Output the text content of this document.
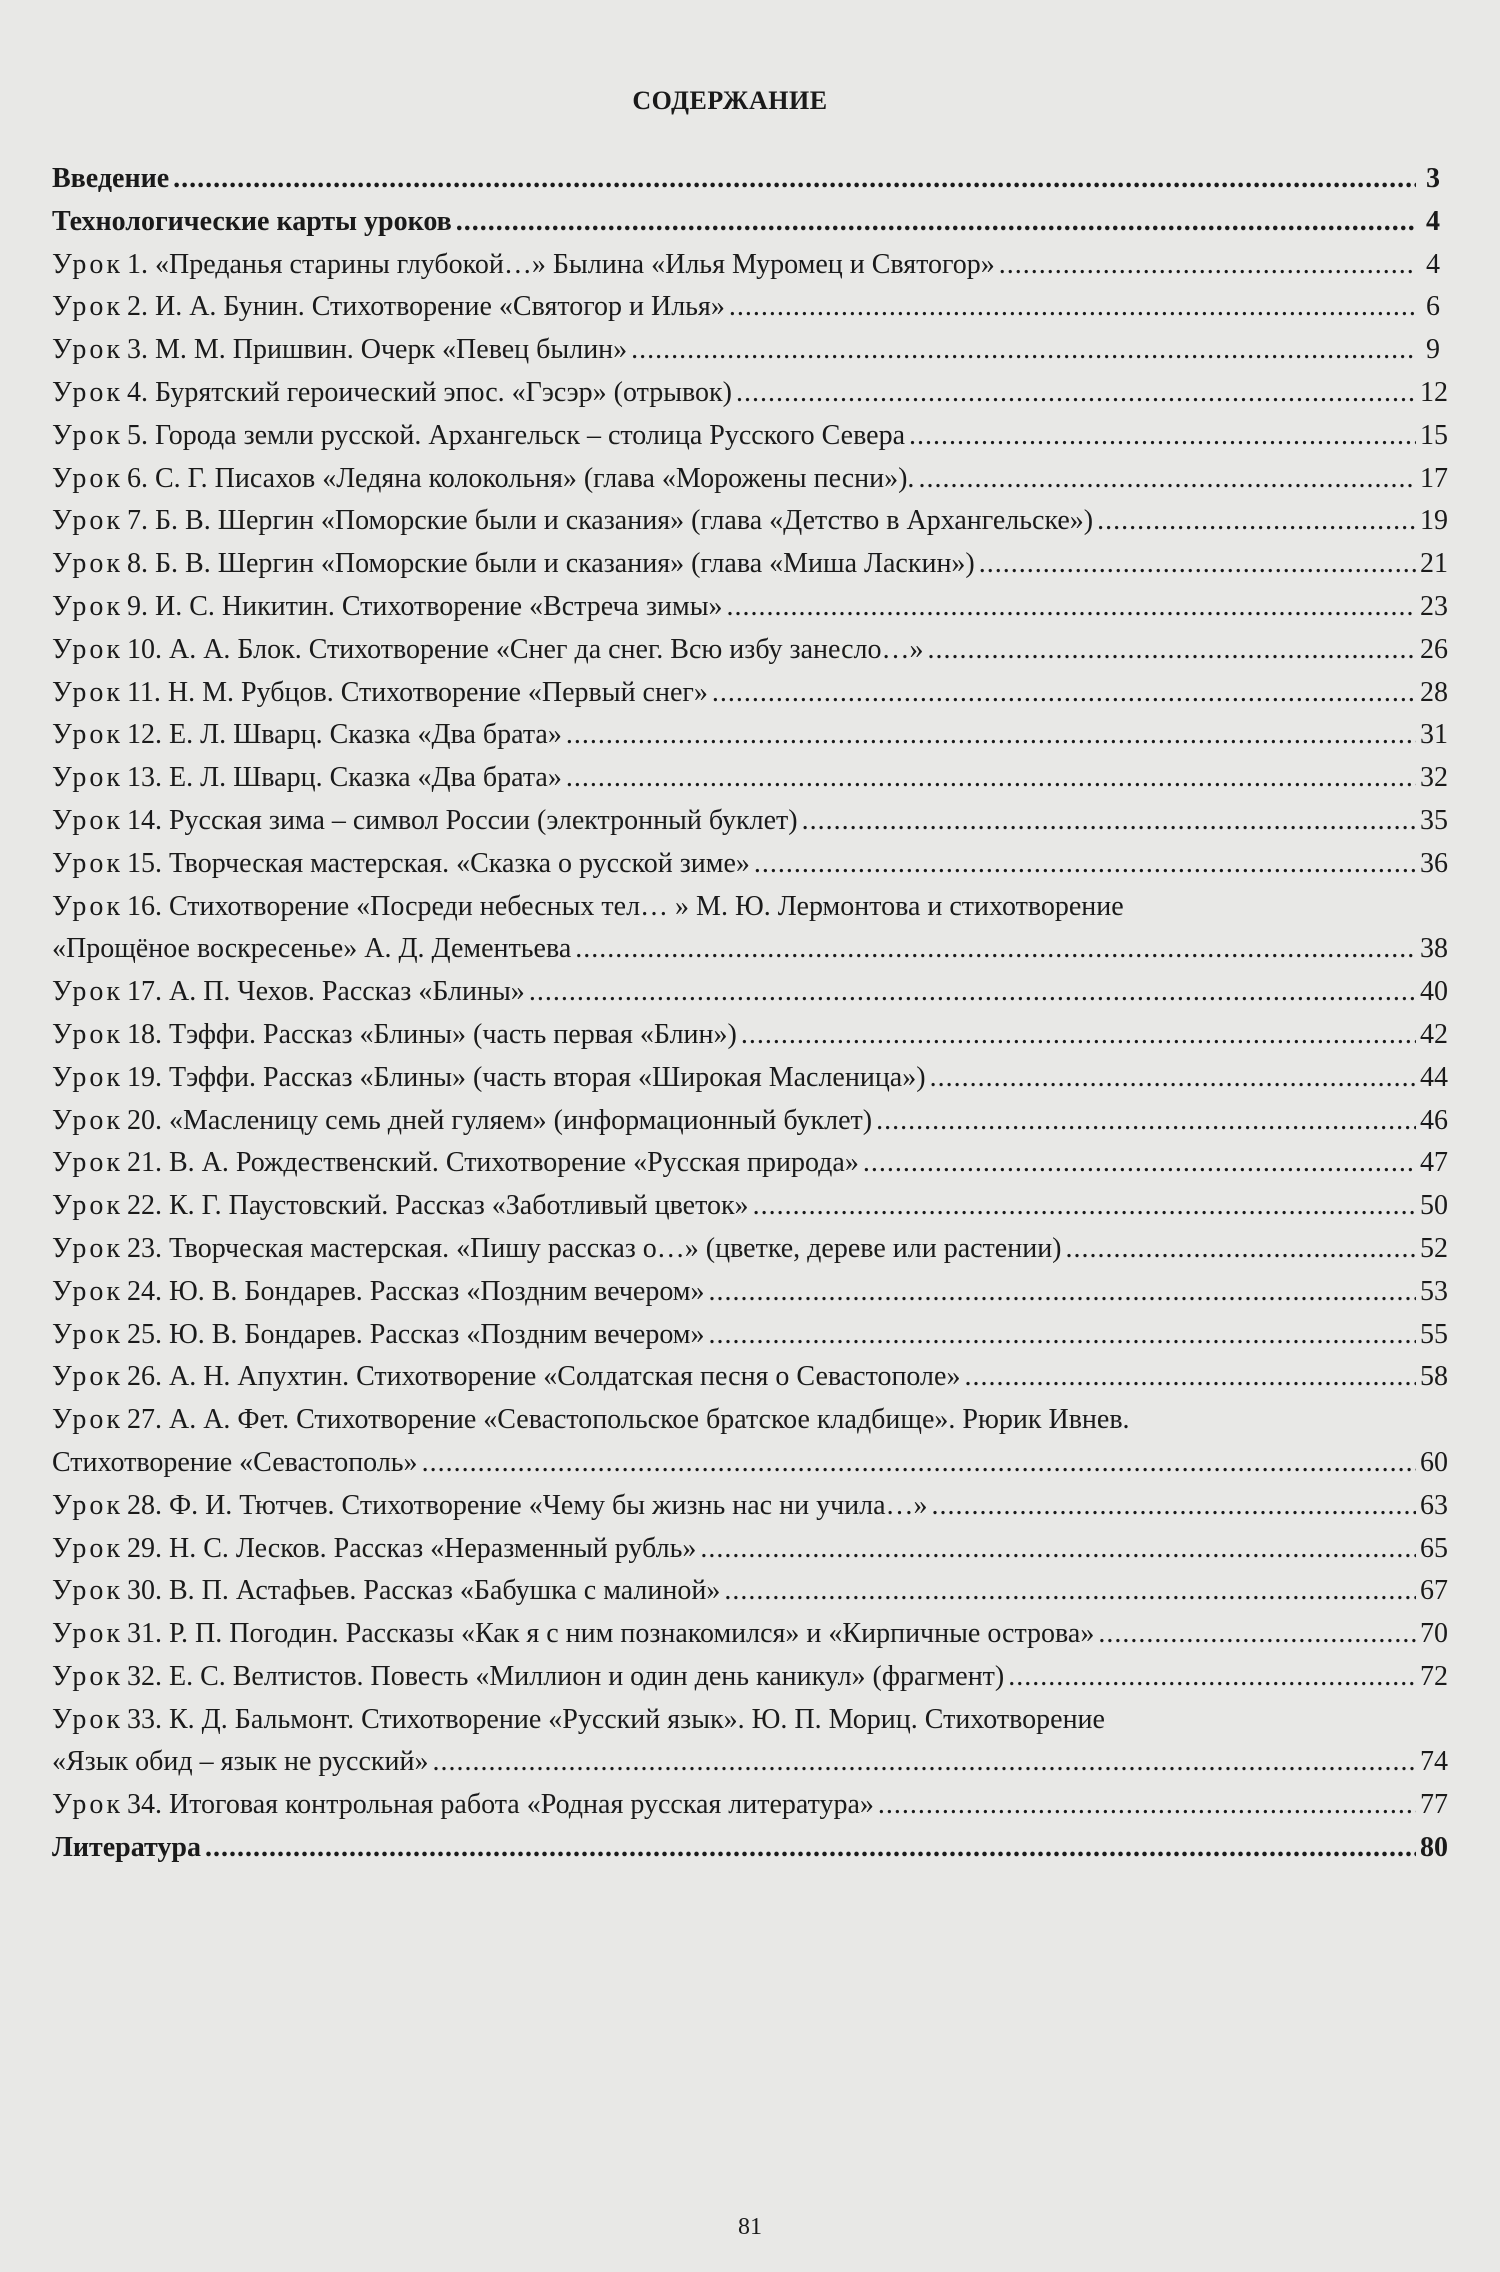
СОДЕРЖАНИЕ
Введение .....	3
Технологические карты уроков .....	4
Урок 1. «Преданья старины глубокой…» Былина «Илья Муромец и Святогор» .....	4
Урок 2. И. А. Бунин. Стихотворение «Святогор и Илья» .....	6
Урок 3. М. М. Пришвин. Очерк «Певец былин» .....	9
Урок 4. Бурятский героический эпос. «Гэсэр» (отрывок) .....	12
Урок 5. Города земли русской. Архангельск – столица Русского Севера .....	15
Урок 6. С. Г. Писахов «Ледяна колокольня» (глава «Морожены песни»). .....	17
Урок 7. Б. В. Шергин «Поморские были и сказания» (глава «Детство в Архангельске») .....	19
Урок 8. Б. В. Шергин «Поморские были и сказания» (глава «Миша Ласкин») .....	21
Урок 9. И. С. Никитин. Стихотворение «Встреча зимы» .....	23
Урок 10. А. А. Блок. Стихотворение «Снег да снег. Всю избу занесло…» .....	26
Урок 11. Н. М. Рубцов. Стихотворение «Первый снег» .....	28
Урок 12. Е. Л. Шварц. Сказка «Два брата» .....	31
Урок 13. Е. Л. Шварц. Сказка «Два брата» .....	32
Урок 14. Русская зима – символ России (электронный буклет) .....	35
Урок 15. Творческая мастерская. «Сказка о русской зиме» .....	36
Урок 16. Стихотворение «Посреди небесных тел… » М. Ю. Лермонтова и стихотворение
«Прощёное воскресенье» А. Д. Дементьева .....	38
Урок 17. А. П. Чехов. Рассказ «Блины» .....	40
Урок 18. Тэффи. Рассказ «Блины» (часть первая «Блин») .....	42
Урок 19. Тэффи. Рассказ «Блины» (часть вторая «Широкая Масленица») .....	44
Урок 20. «Масленицу семь дней гуляем» (информационный буклет) .....	46
Урок 21. В. А. Рождественский. Стихотворение «Русская природа» .....	47
Урок 22. К. Г. Паустовский. Рассказ «Заботливый цветок» .....	50
Урок 23. Творческая мастерская. «Пишу рассказ о…» (цветке, дереве или растении) .....	52
Урок 24. Ю. В. Бондарев. Рассказ «Поздним вечером» .....	53
Урок 25. Ю. В. Бондарев. Рассказ «Поздним вечером» .....	55
Урок 26. А. Н. Апухтин. Стихотворение «Солдатская песня о Севастополе» .....	58
Урок 27. А. А. Фет. Стихотворение «Севастопольское братское кладбище». Рюрик Ивнев.
Стихотворение «Севастополь» .....	60
Урок 28. Ф. И. Тютчев. Стихотворение «Чему бы жизнь нас ни учила…» .....	63
Урок 29. Н. С. Лесков. Рассказ «Неразменный рубль» .....	65
Урок 30. В. П. Астафьев. Рассказ «Бабушка с малиной» .....	67
Урок 31. Р. П. Погодин. Рассказы «Как я с ним познакомился» и «Кирпичные острова» .....	70
Урок 32. Е. С. Велтистов. Повесть «Миллион и один день каникул» (фрагмент) .....	72
Урок 33. К. Д. Бальмонт. Стихотворение «Русский язык». Ю. П. Мориц. Стихотворение
«Язык обид – язык не русский» .....	74
Урок 34. Итоговая контрольная работа «Родная русская литература» .....	77
Литература .....	80
81
